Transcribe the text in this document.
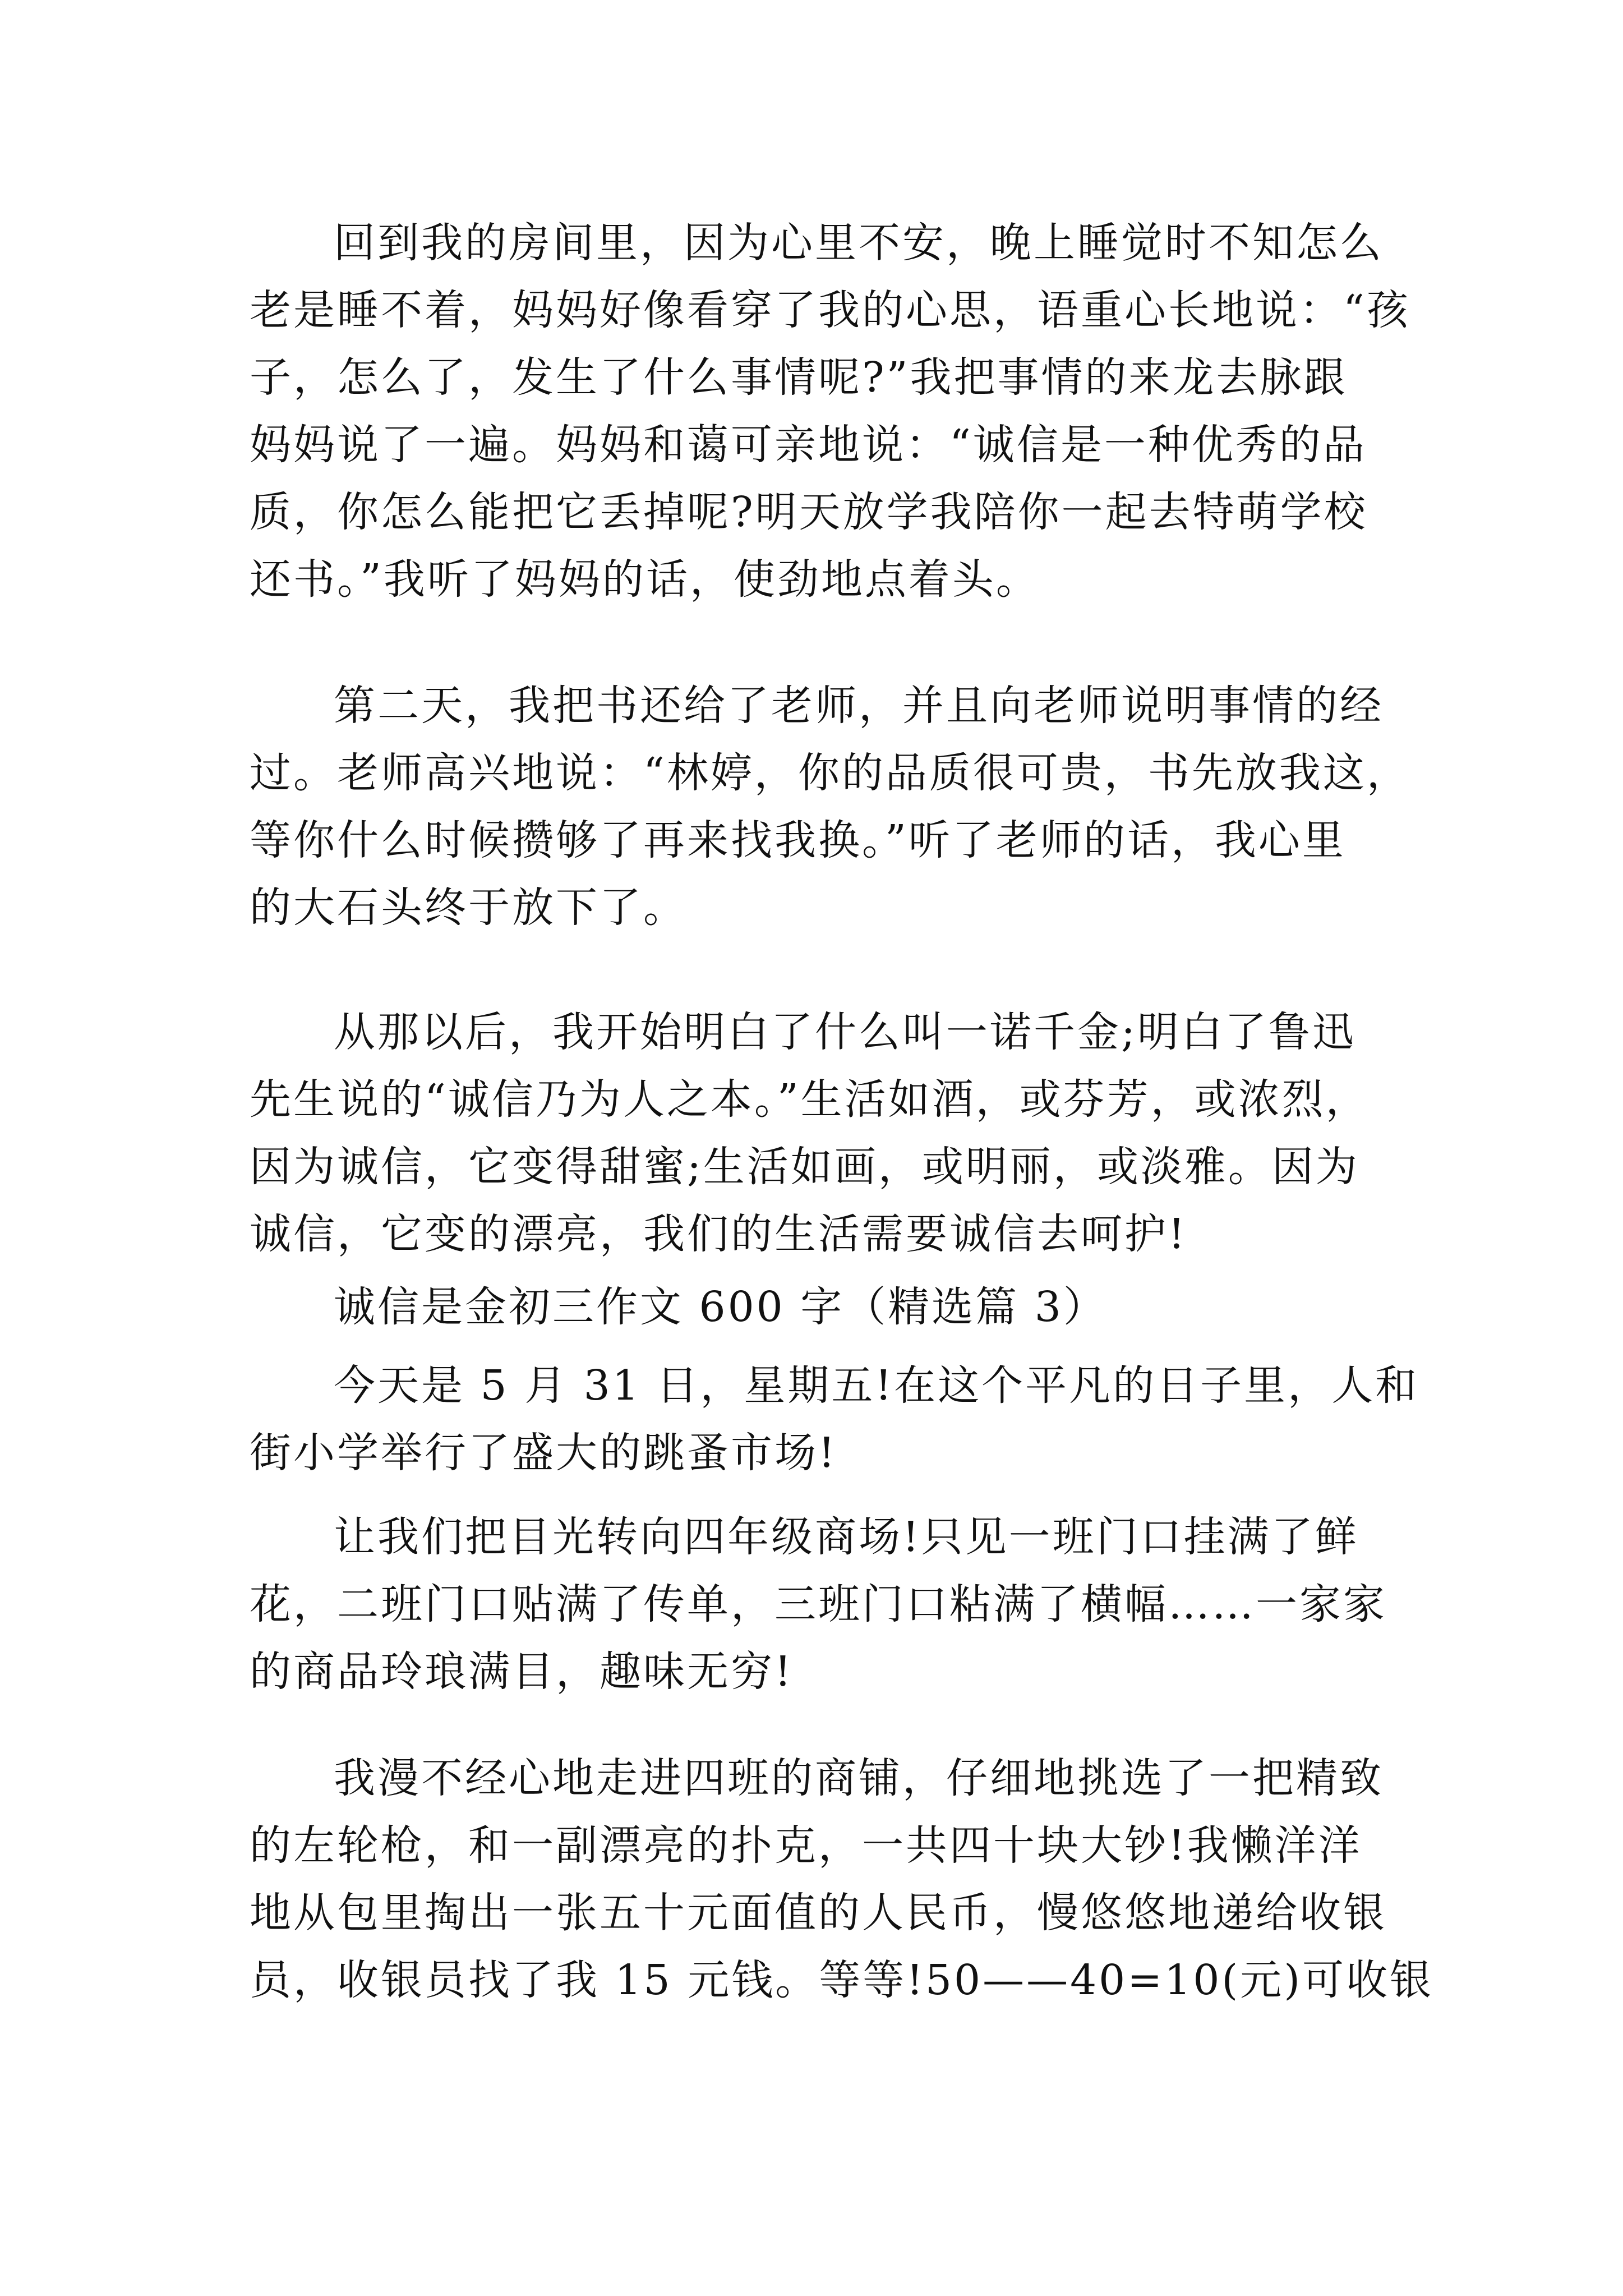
回到我的房间里，因为心里不安，晚上睡觉时不知怎么

老是睡不着，妈妈好像看穿了我的心思，语重心长地说：“孩

子，怎么了，发生了什么事情呢?”我把事情的来龙去脉跟

妈妈说了一遍。妈妈和蔼可亲地说：“诚信是一种优秀的品

质，你怎么能把它丢掉呢?明天放学我陪你一起去特萌学校

还书。”我听了妈妈的话，使劲地点着头。

第二天，我把书还给了老师，并且向老师说明事情的经

过。老师高兴地说：“林婷，你的品质很可贵，书先放我这，

等你什么时候攒够了再来找我换。”听了老师的话，我心里

的大石头终于放下了。

从那以后，我开始明白了什么叫一诺千金;明白了鲁迅

先生说的“诚信乃为人之本。”生活如酒，或芬芳，或浓烈，

因为诚信，它变得甜蜜;生活如画，或明丽，或淡雅。因为

诚信，它变的漂亮，我们的生活需要诚信去呵护!

诚信是金初三作文 600 字（精选篇 3）

今天是 5 月 31 日，星期五!在这个平凡的日子里，人和

街小学举行了盛大的跳蚤市场!

让我们把目光转向四年级商场!只见一班门口挂满了鲜

花，二班门口贴满了传单，三班门口粘满了横幅……一家家

的商品玲琅满目，趣味无穷!

我漫不经心地走进四班的商铺，仔细地挑选了一把精致

的左轮枪，和一副漂亮的扑克，一共四十块大钞!我懒洋洋

地从包里掏出一张五十元面值的人民币，慢悠悠地递给收银

员，收银员找了我 15 元钱。等等!50——40=10(元)可收银
